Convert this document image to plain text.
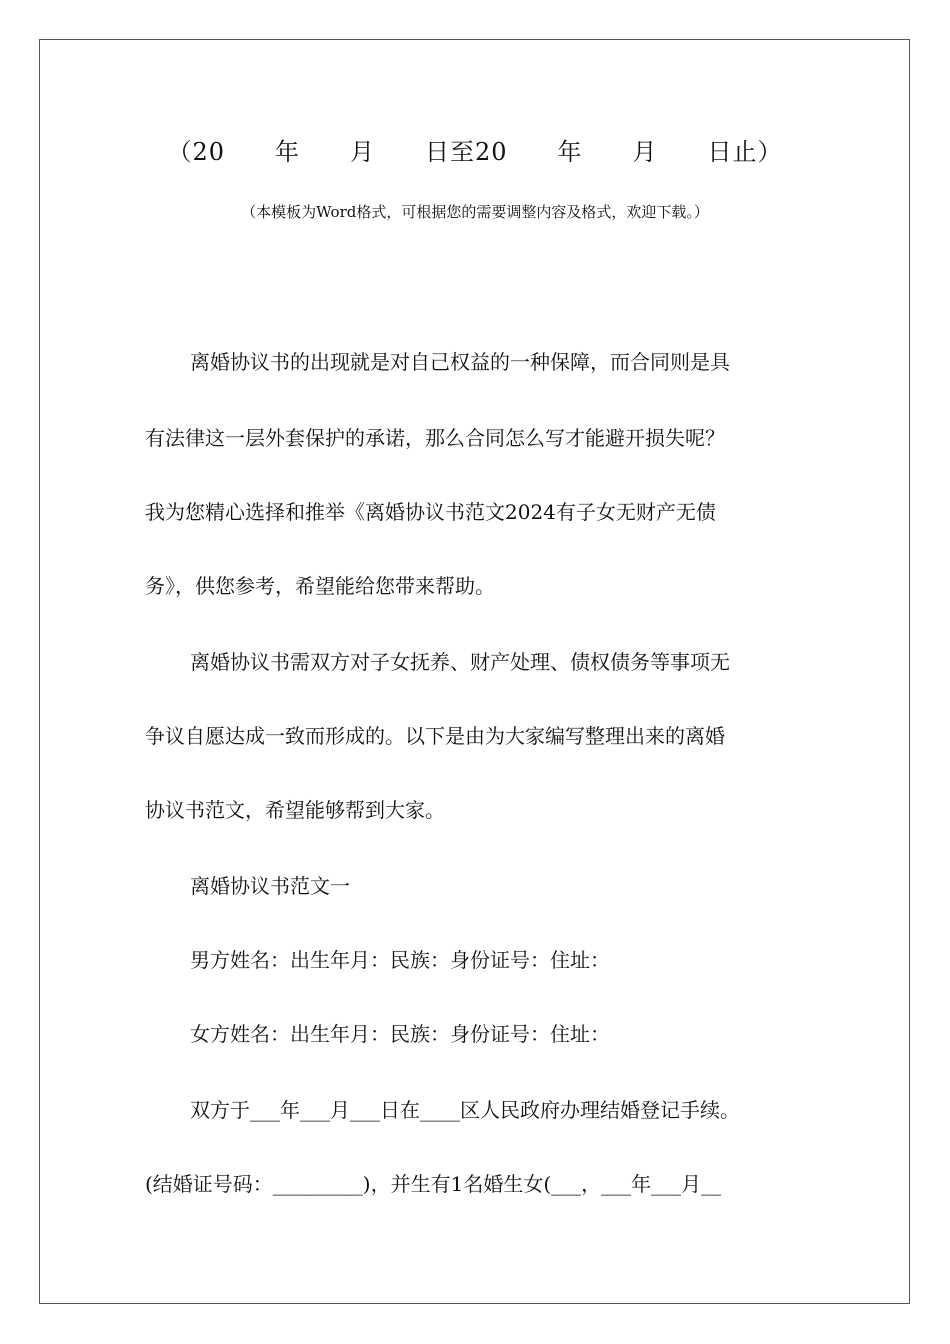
（20　　年　　月　　日至20　　年　　月　　日止）
（本模板为Word格式，可根据您的需要调整内容及格式，欢迎下载。）
离婚协议书的出现就是对自己权益的一种保障，而合同则是具
有法律这一层外套保护的承诺，那么合同怎么写才能避开损失呢？
我为您精心选择和推举《离婚协议书范文2024有子女无财产无债
务》，供您参考，希望能给您带来帮助。
离婚协议书需双方对子女抚养、财产处理、债权债务等事项无
争议自愿达成一致而形成的。以下是由为大家编写整理出来的离婚
协议书范文，希望能够帮到大家。
离婚协议书范文一
男方姓名：出生年月：民族：身份证号：住址：
女方姓名：出生年月：民族：身份证号：住址：
双方于___年___月___日在____区人民政府办理结婚登记手续。
(结婚证号码：_________)，并生有1名婚生女(___，___年___月__
